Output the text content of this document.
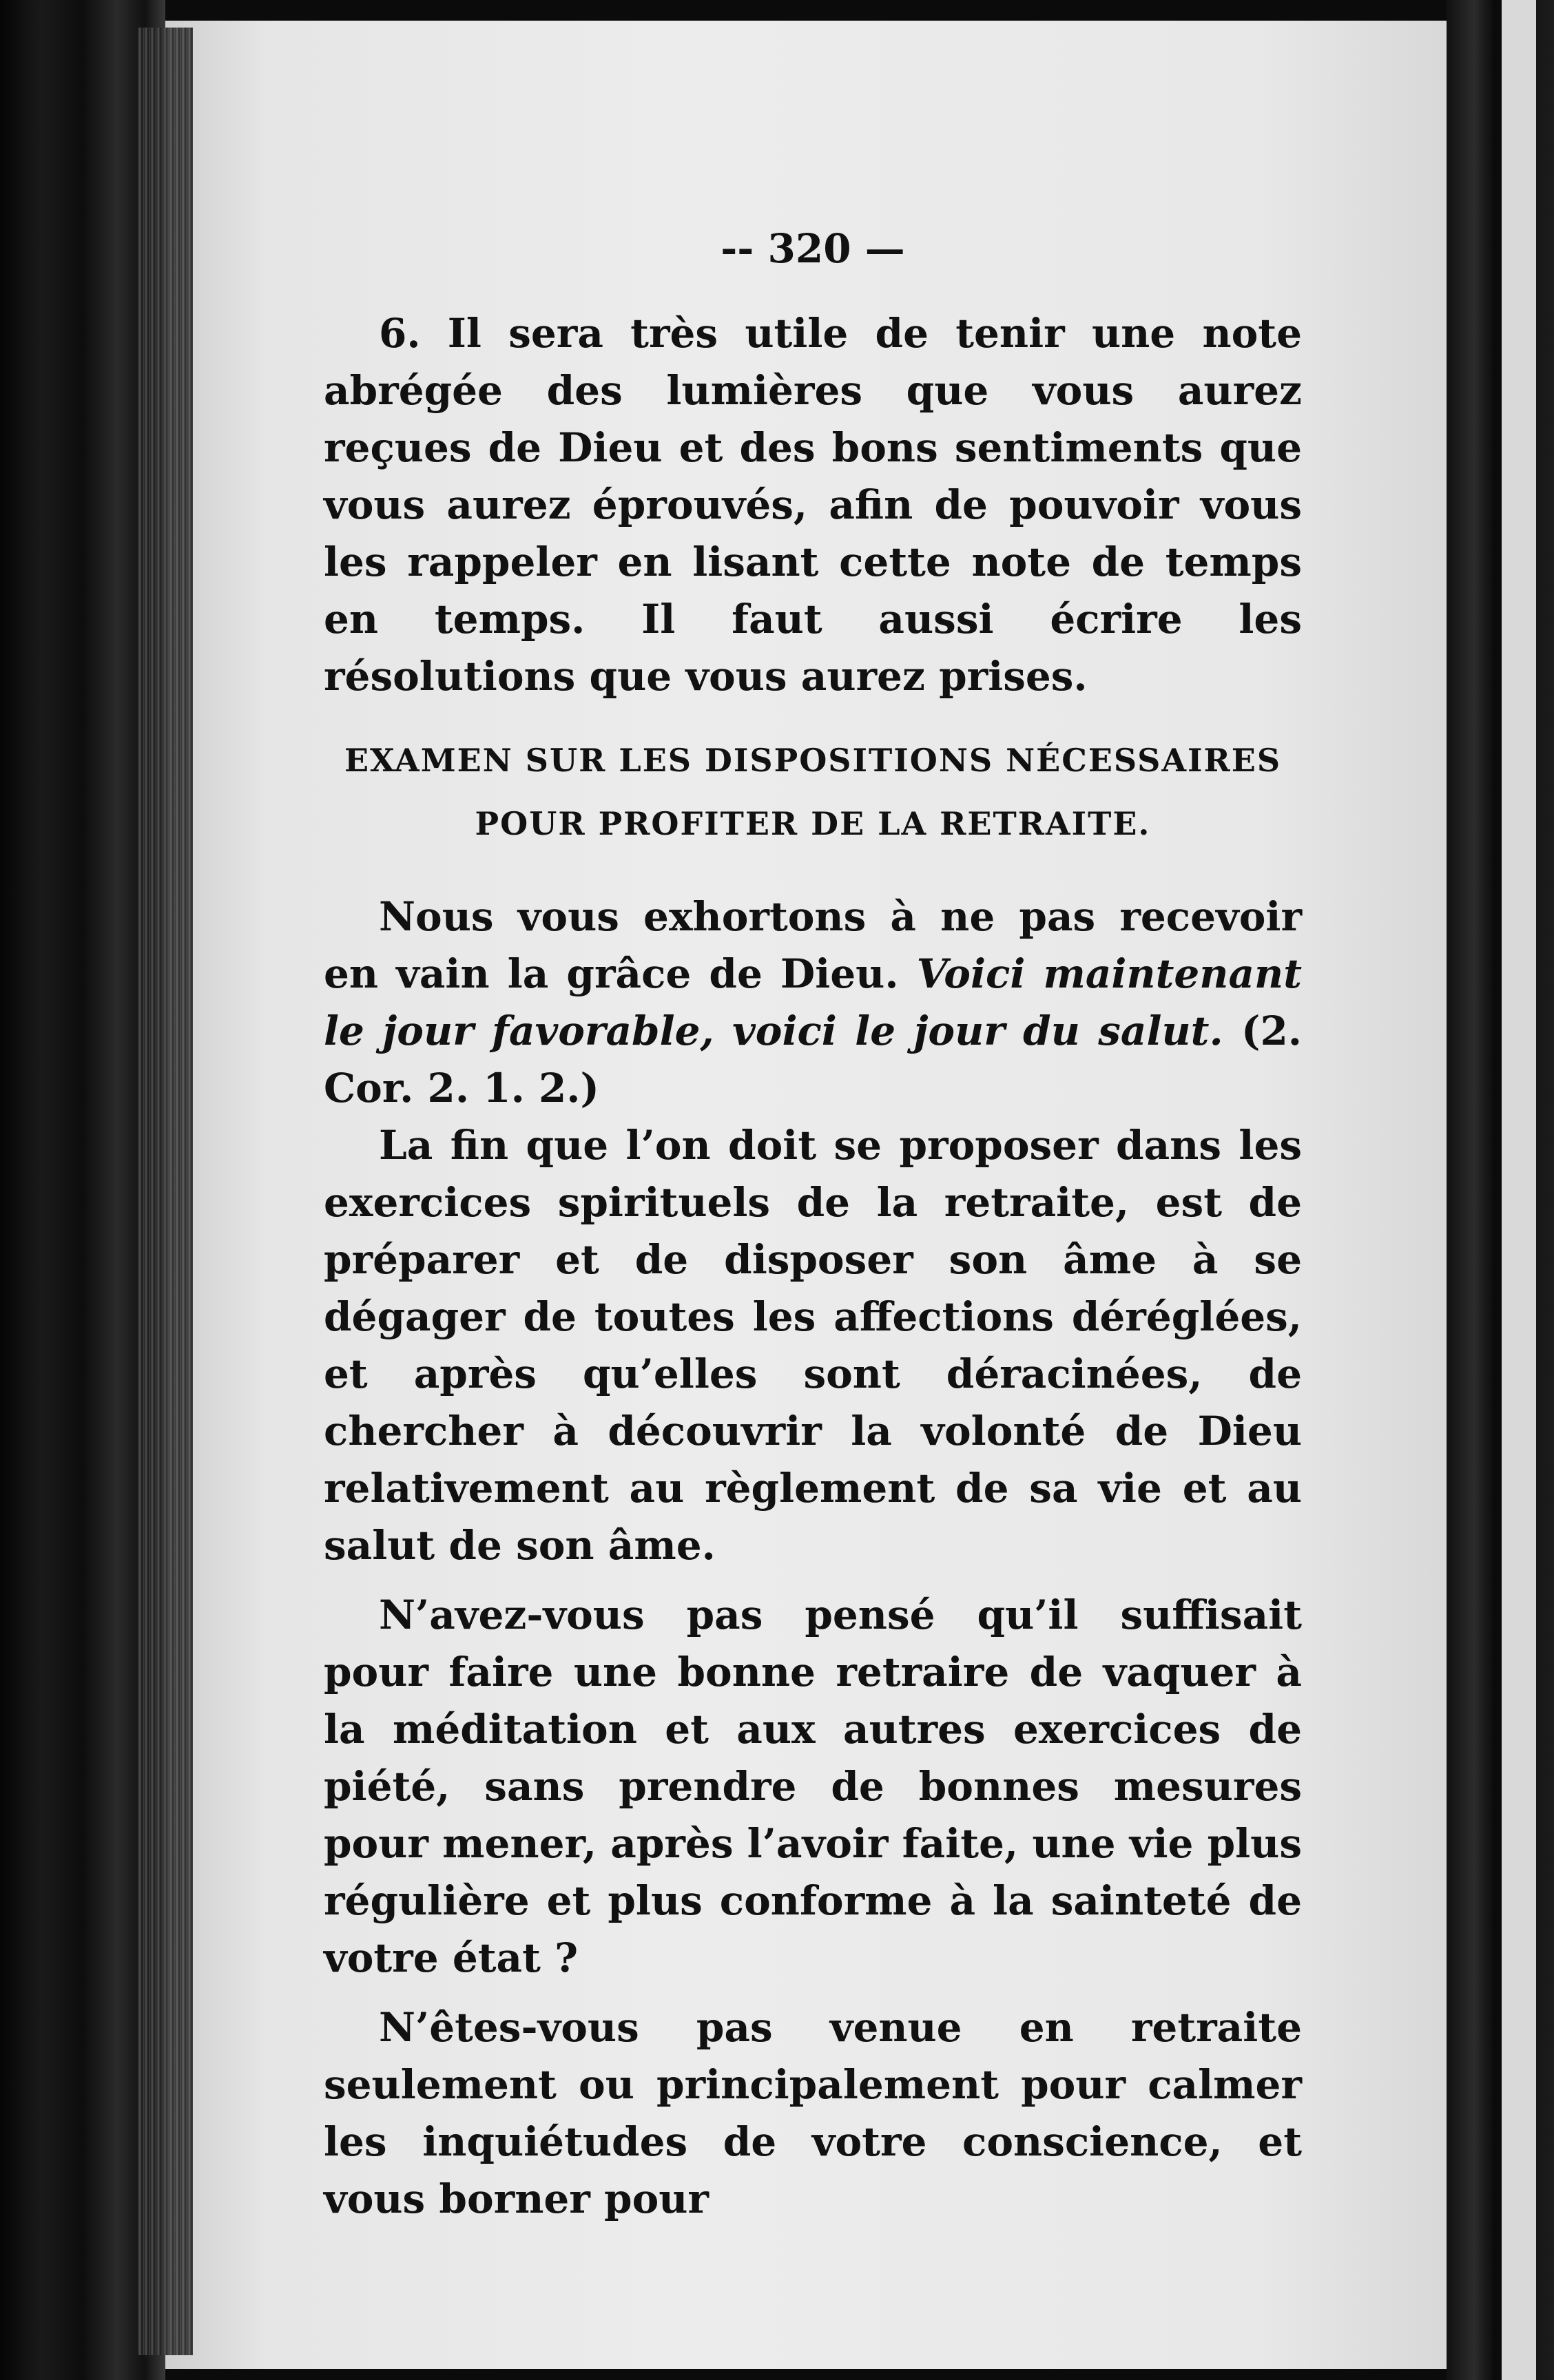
-- 320 —

6. Il sera très utile de tenir une note abrégée des lumières que vous aurez reçues de Dieu et des bons sentiments que vous aurez éprouvés, afin de pouvoir vous les rappeler en lisant cette note de temps en temps. Il faut aussi écrire les résolutions que vous aurez prises.

EXAMEN SUR LES DISPOSITIONS NÉCESSAIRES
POUR PROFITER DE LA RETRAITE.

Nous vous exhortons à ne pas recevoir en vain la grâce de Dieu. Voici maintenant le jour favorable, voici le jour du salut. (2. Cor. 2. 1. 2.)

La fin que l’on doit se proposer dans les exercices spirituels de la retraite, est de préparer et de disposer son âme à se dégager de toutes les affections déréglées, et après qu’elles sont déracinées, de chercher à découvrir la volonté de Dieu relativement au règlement de sa vie et au salut de son âme.

N’avez-vous pas pensé qu’il suffisait pour faire une bonne retraire de vaquer à la méditation et aux autres exercices de piété, sans prendre de bonnes mesures pour mener, après l’avoir faite, une vie plus régulière et plus conforme à la sainteté de votre état ?

N’êtes-vous pas venue en retraite seulement ou principalement pour calmer les inquiétudes de votre conscience, et vous borner pour
